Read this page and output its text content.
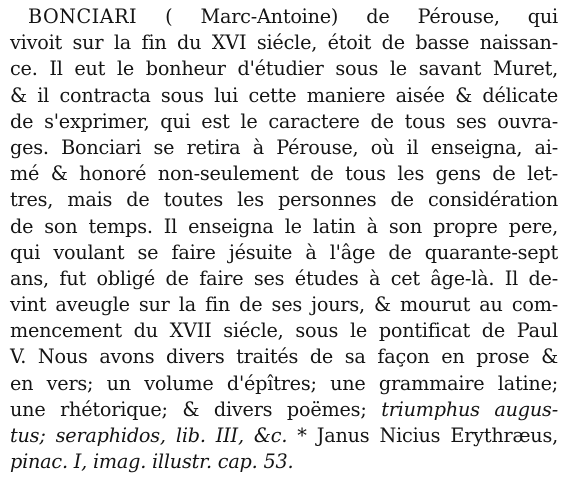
BONCIARI ( Marc-Antoine) de Pérouse, qui
vivoit sur la fin du XVI siécle, étoit de basse naissan-
ce. Il eut le bonheur d'étudier sous le savant Muret,
& il contracta sous lui cette maniere aisée & délicate
de s'exprimer, qui est le caractere de tous ses ouvra-
ges. Bonciari se retira à Pérouse, où il enseigna, ai-
mé & honoré non-seulement de tous les gens de let-
tres, mais de toutes les personnes de considération
de son temps. Il enseigna le latin à son propre pere,
qui voulant se faire jésuite à l'âge de quarante-sept
ans, fut obligé de faire ses études à cet âge-là. Il de-
vint aveugle sur la fin de ses jours, & mourut au com-
mencement du XVII siécle, sous le pontificat de Paul
V. Nous avons divers traités de sa façon en prose &
en vers; un volume d'épîtres; une grammaire latine;
une rhétorique; & divers poëmes; triumphus augus-
tus; seraphidos, lib. III, &c. * Janus Nicius Erythræus,
pinac. I, imag. illustr. cap. 53.
